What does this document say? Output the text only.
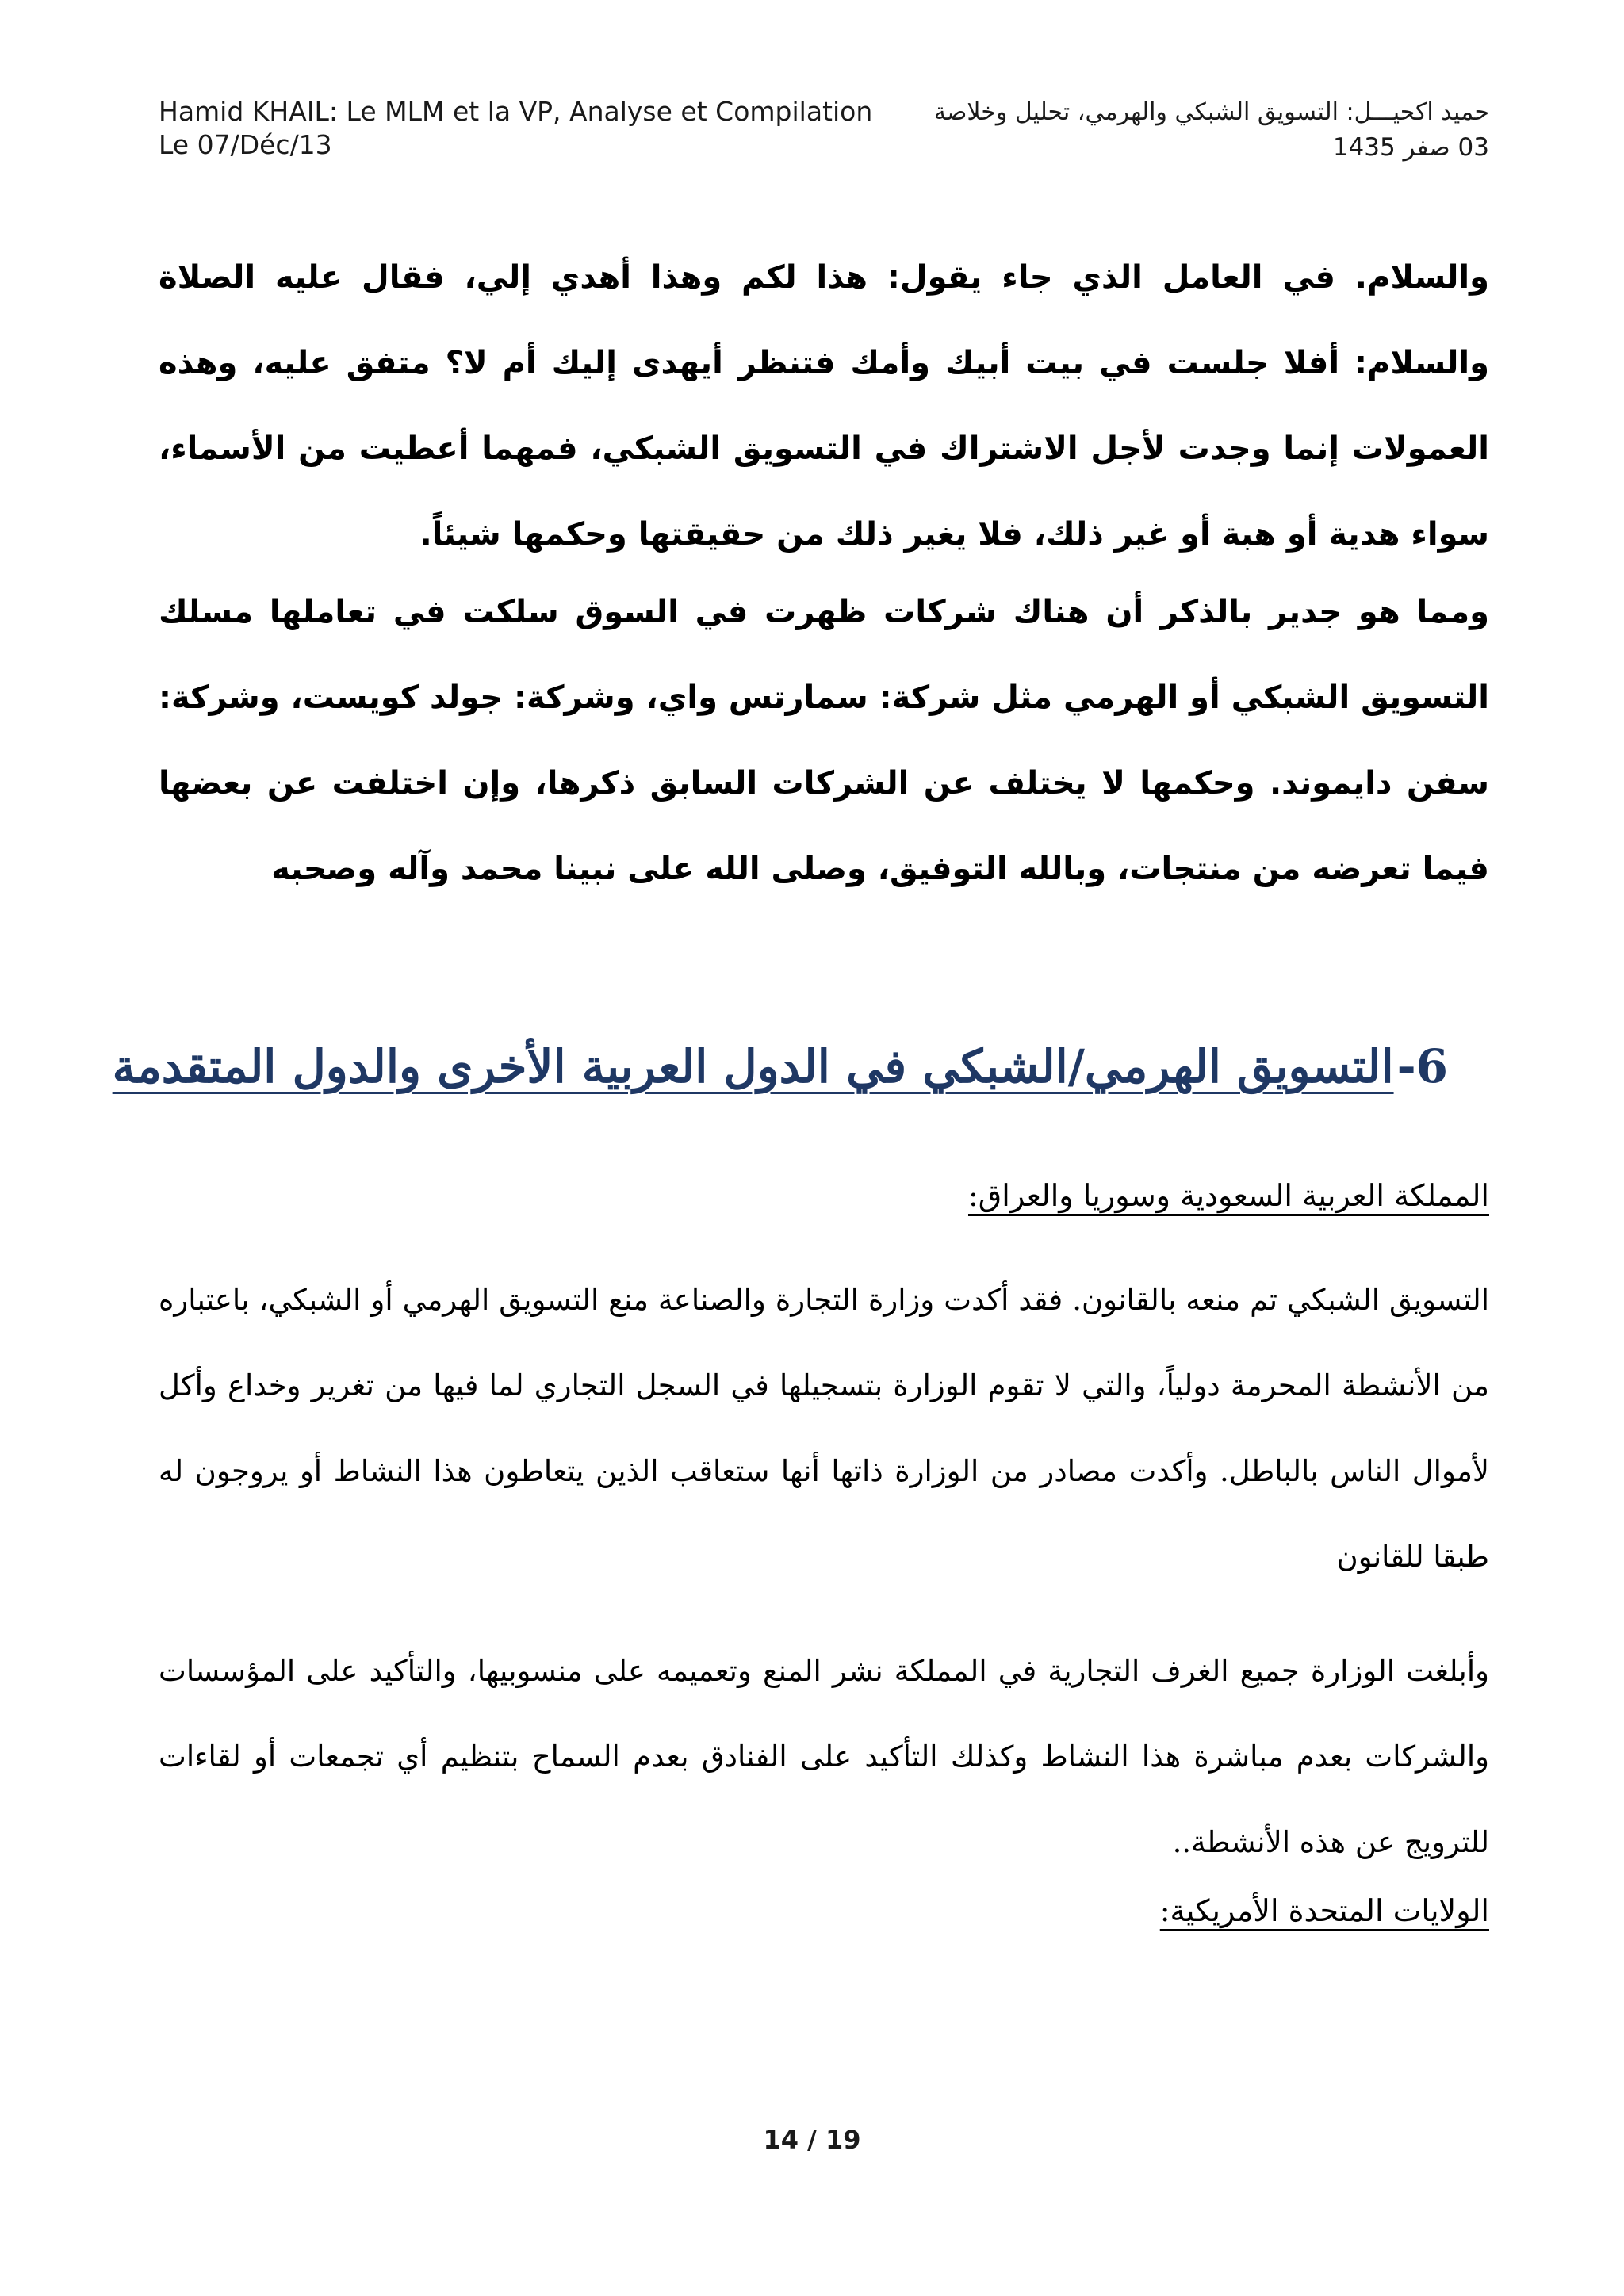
Hamid KHAIL: Le MLM et la VP, Analyse et Compilation
Le 07/Déc/13
حميد اكحيـــل: التسويق الشبكي والهرمي، تحليل وخلاصة
03 صفر 1435
والسلام. في العامل الذي جاء يقول: هذا لكم وهذا أهدي إلي، فقال عليه الصلاة والسلام: أفلا جلست في بيت أبيك وأمك فتنظر أيهدى إليك أم لا؟ متفق عليه، وهذه العمولات إنما وجدت لأجل الاشتراك في التسويق الشبكي، فمهما أعطيت من الأسماء، سواء هدية أو هبة أو غير ذلك، فلا يغير ذلك من حقيقتها وحكمها شيئاً.
ومما هو جدير بالذكر أن هناك شركات ظهرت في السوق سلكت في تعاملها مسلك التسويق الشبكي أو الهرمي مثل شركة: سمارتس واي، وشركة: جولد كويست، وشركة: سفن دايموند. وحكمها لا يختلف عن الشركات السابق ذكرها، وإن اختلفت عن بعضها فيما تعرضه من منتجات، وبالله التوفيق، وصلى الله على نبينا محمد وآله وصحبه
6-التسويق الهرمي/الشبكي في الدول العربية الأخرى والدول المتقدمة
المملكة العربية السعودية وسوريا والعراق:
التسويق الشبكي تم منعه بالقانون. فقد أكدت وزارة التجارة والصناعة منع التسويق الهرمي أو الشبكي، باعتباره من الأنشطة المحرمة دولياً، والتي لا تقوم الوزارة بتسجيلها في السجل التجاري لما فيها من تغرير وخداع وأكل لأموال الناس بالباطل. وأكدت مصادر من الوزارة ذاتها أنها ستعاقب الذين يتعاطون هذا النشاط أو يروجون له طبقا للقانون
وأبلغت الوزارة جميع الغرف التجارية في المملكة نشر المنع وتعميمه على منسوبيها، والتأكيد على المؤسسات والشركات بعدم مباشرة هذا النشاط وكذلك التأكيد على الفنادق بعدم السماح بتنظيم أي تجمعات أو لقاءات للترويج عن هذه الأنشطة..
الولايات المتحدة الأمريكية:
14 / 19
